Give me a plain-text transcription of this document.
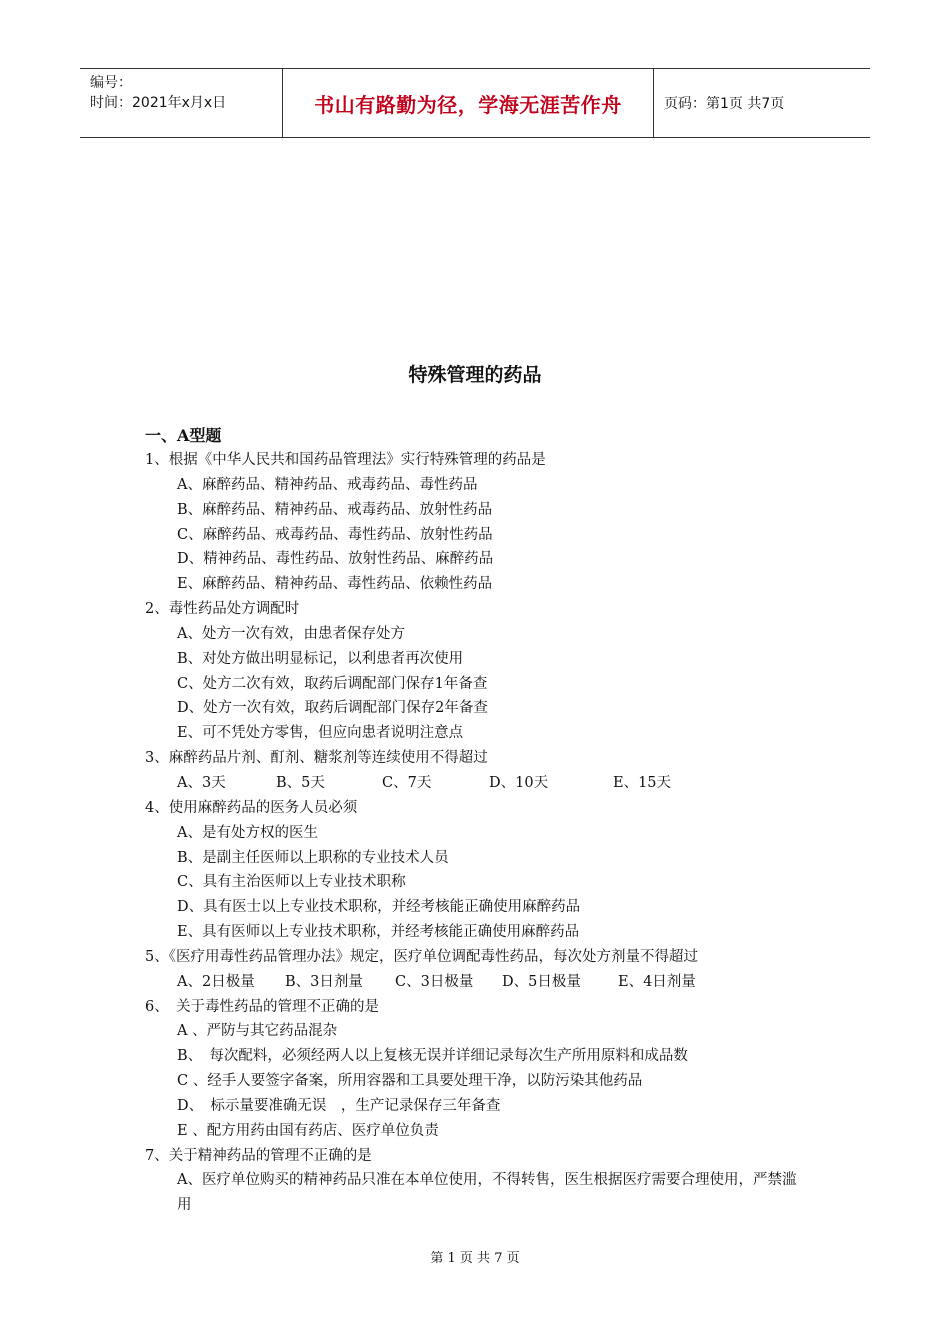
编号：
时间：2021年x月x日	书山有路勤为径，学海无涯苦作舟	页码：第1页 共7页
特殊管理的药品
一、A型题
1、根据《中华人民共和国药品管理法》实行特殊管理的药品是
A、麻醉药品、精神药品、戒毒药品、毒性药品
B、麻醉药品、精神药品、戒毒药品、放射性药品
C、麻醉药品、戒毒药品、毒性药品、放射性药品
D、精神药品、毒性药品、放射性药品、麻醉药品
E、麻醉药品、精神药品、毒性药品、依赖性药品
2、毒性药品处方调配时
A、处方一次有效，由患者保存处方
B、对处方做出明显标记，以利患者再次使用
C、处方二次有效，取药后调配部门保存1年备查
D、处方一次有效，取药后调配部门保存2年备查
E、可不凭处方零售，但应向患者说明注意点
3、麻醉药品片剂、酊剂、糖浆剂等连续使用不得超过
A、3天	B、5天	C、7天	D、10天	E、15天
4、使用麻醉药品的医务人员必须
A、是有处方权的医生
B、是副主任医师以上职称的专业技术人员
C、具有主治医师以上专业技术职称
D、具有医士以上专业技术职称，并经考核能正确使用麻醉药品
E、具有医师以上专业技术职称，并经考核能正确使用麻醉药品
5、《医疗用毒性药品管理办法》规定，医疗单位调配毒性药品，每次处方剂量不得超过
A、2日极量	B、3日剂量	C、3日极量	D、5日极量	E、4日剂量
6、　关于毒性药品的管理不正确的是
A 、严防与其它药品混杂
B、　每次配料，必须经两人以上复核无误并详细记录每次生产所用原料和成品数
C 、经手人要签字备案，所用容器和工具要处理干净，以防污染其他药品
D、　标示量要准确无误　，生产记录保存三年备查
E 、配方用药由国有药店、医疗单位负责
7、关于精神药品的管理不正确的是
A、医疗单位购买的精神药品只准在本单位使用，不得转售，医生根据医疗需要合理使用，严禁滥用
第 1 页 共 7 页
